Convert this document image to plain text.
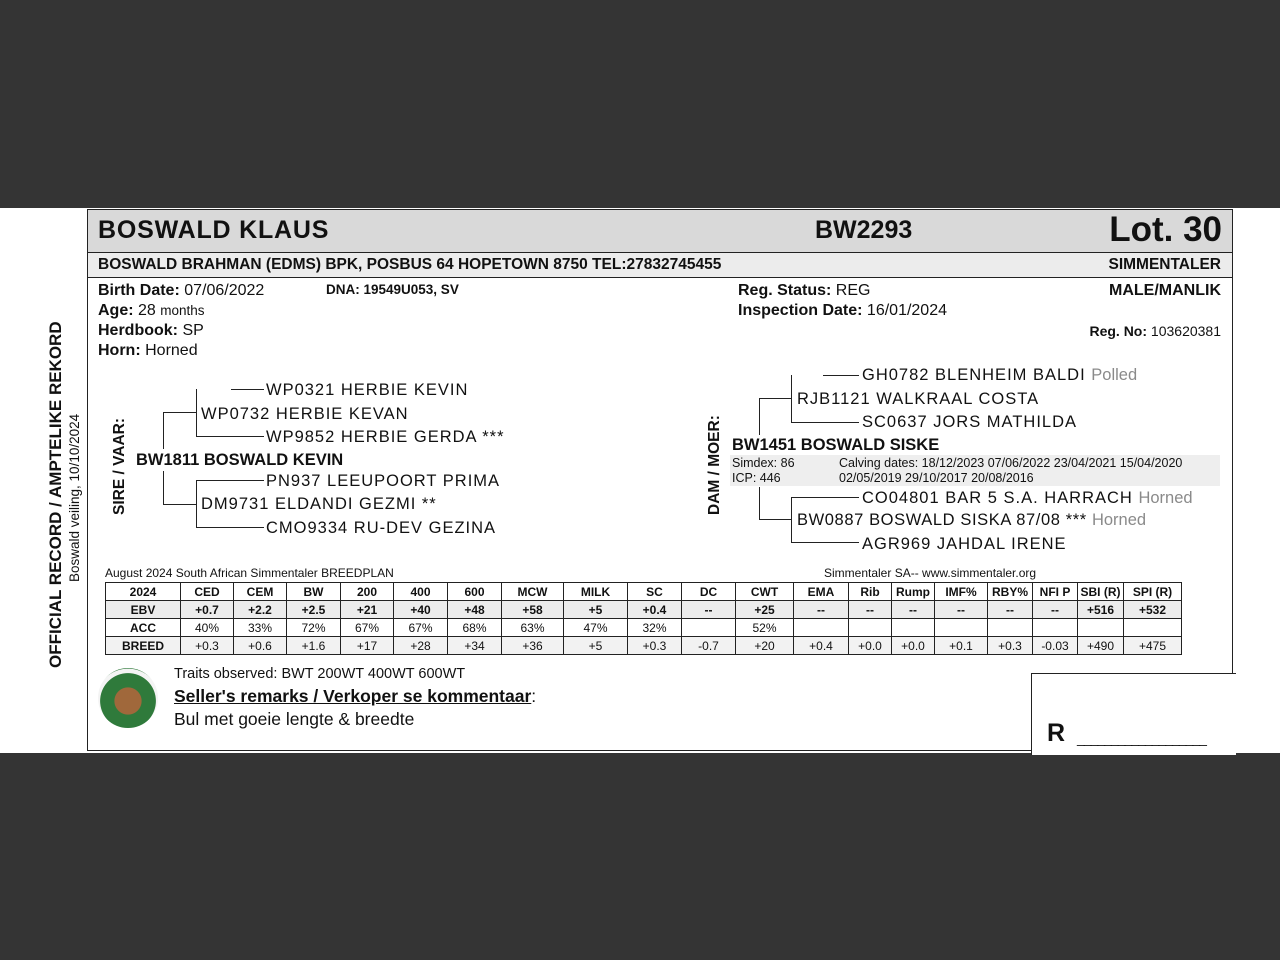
OFFICIAL RECORD / AMPTELIKE REKORD Boswald veiling, 10/10/2024
BOSWALD KLAUS	BW2293	Lot. 30
BOSWALD BRAHMAN (EDMS) BPK, POSBUS 64 HOPETOWN 8750 TEL:27832745455	SIMMENTALER
Birth Date: 07/06/2022	DNA: 19549U053, SV
Age: 28 months
Herdbook: SP
Horn: Horned
Reg. Status: REG
Inspection Date: 16/01/2024
MALE/MANLIK
Reg. No: 103620381
SIRE / VAAR:
WP0321 HERBIE KEVIN
WP0732 HERBIE KEVAN
WP9852 HERBIE GERDA ***
BW1811 BOSWALD KEVIN
PN937 LEEUPOORT PRIMA
DM9731 ELDANDI GEZMI **
CMO9334 RU-DEV GEZINA
DAM / MOER:
GH0782 BLENHEIM BALDI Polled
RJB1121 WALKRAAL COSTA
SC0637 JORS MATHILDA
BW1451 BOSWALD SISKE
Simdex: 86
ICP: 446
Calving dates: 18/12/2023 07/06/2022 23/04/2021 15/04/2020
02/05/2019 29/10/2017 20/08/2016
CO04801 BAR 5 S.A. HARRACH Horned
BW0887 BOSWALD SISKA 87/08 *** Horned
AGR969 JAHDAL IRENE
August 2024 South African Simmentaler BREEDPLAN	Simmentaler SA-- www.simmentaler.org
2024	CED	CEM	BW	200	400	600	MCW	MILK	SC	DC	CWT	EMA	Rib	Rump	IMF%	RBY%	NFI P	SBI (R)	SPI (R)
EBV	+0.7	+2.2	+2.5	+21	+40	+48	+58	+5	+0.4	--	+25	--	--	--	--	--	--	+516	+532
ACC	40%	33%	72%	67%	67%	68%	63%	47%	32%		52%								
BREED	+0.3	+0.6	+1.6	+17	+28	+34	+36	+5	+0.3	-0.7	+20	+0.4	+0.0	+0.0	+0.1	+0.3	-0.03	+490	+475
Traits observed: BWT 200WT 400WT 600WT
Seller's remarks / Verkoper se kommentaar:
Bul met goeie lengte & breedte	R ___________________
